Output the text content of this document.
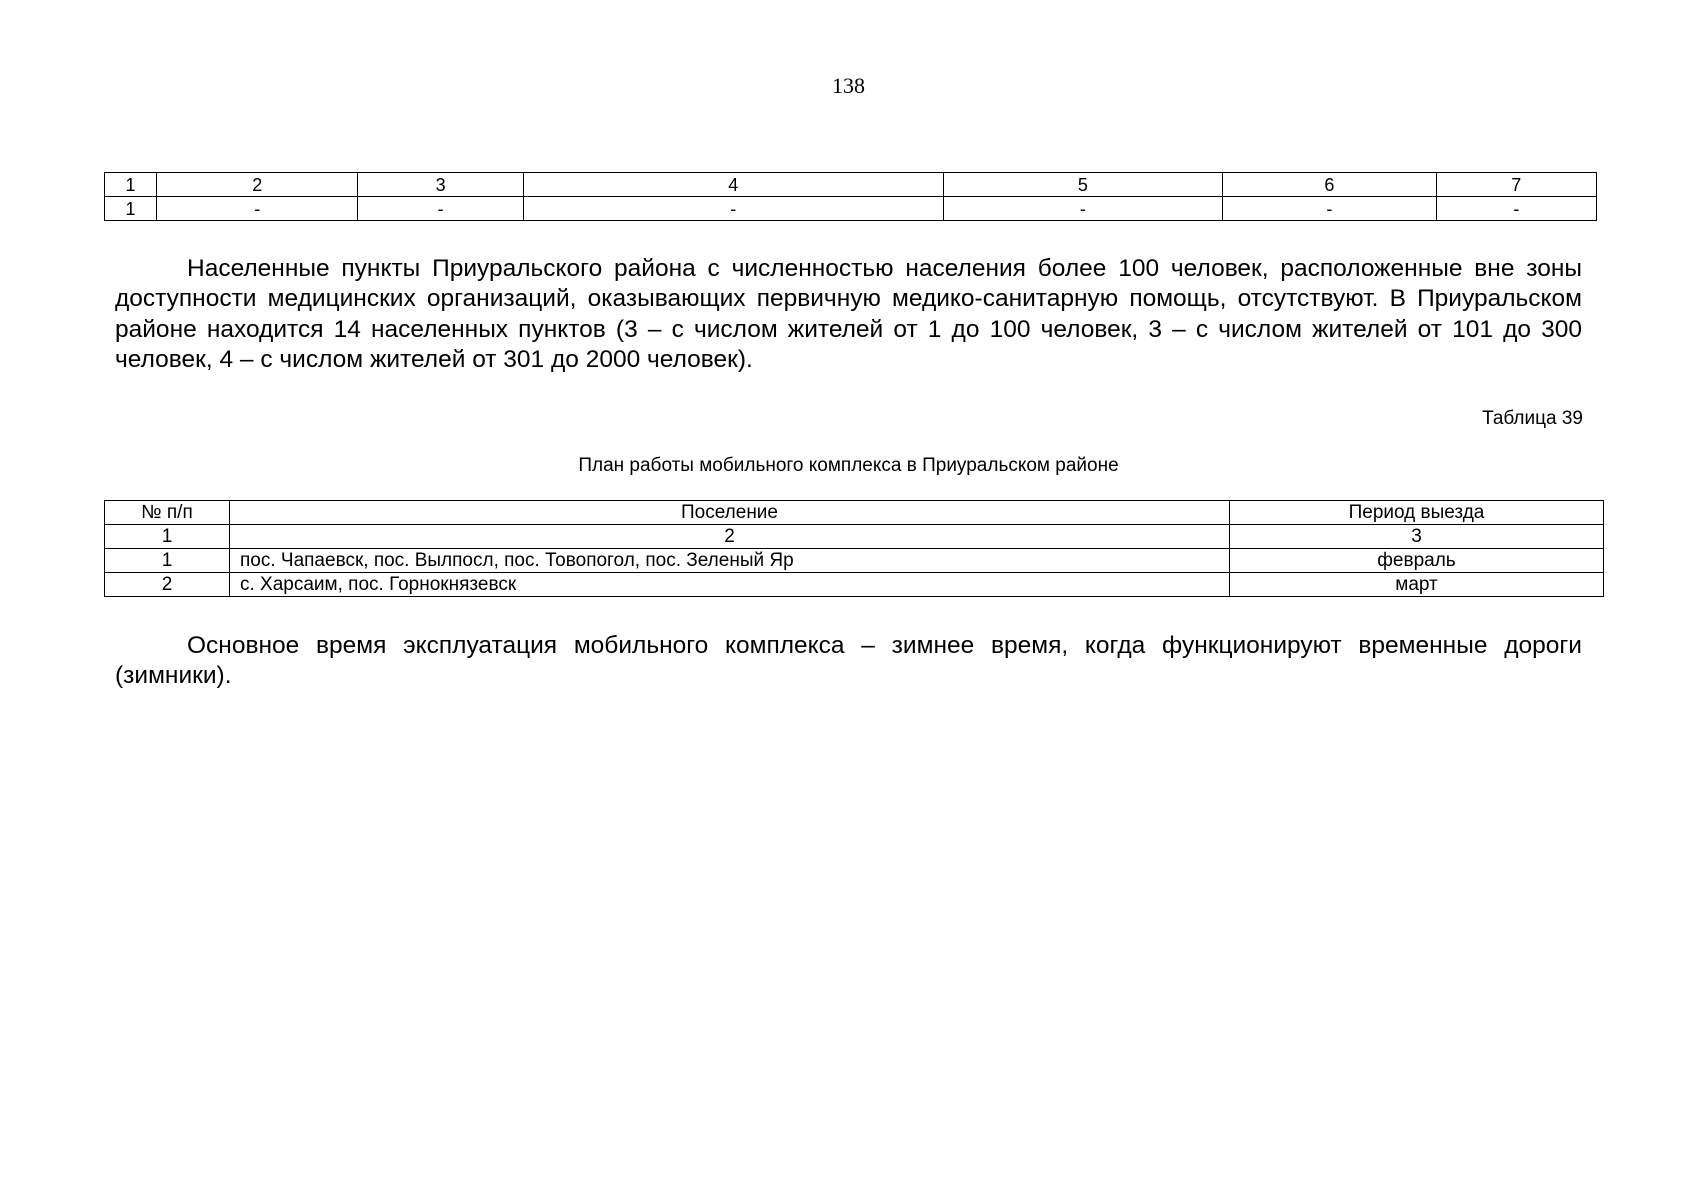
138
1	2	3	4	5	6	7
1	-	-	-	-	-	-

Населенные пункты Приуральского района с численностью населения более 100 человек, расположенные вне зоны доступности медицинских организаций, оказывающих первичную медико-санитарную помощь, отсутствуют. В Приуральском районе находится 14 населенных пунктов (3 – с числом жителей от 1 до 100 человек, 3 – с числом жителей от 101 до 300 человек, 4 – с числом жителей от 301 до 2000 человек).

Таблица 39
План работы мобильного комплекса в Приуральском районе
№ п/п	Поселение	Период выезда
1	2	3
1	пос. Чапаевск, пос. Вылпосл, пос. Товопогол, пос. Зеленый Яр	февраль
2	с. Харсаим, пос. Горнокнязевск	март

Основное время эксплуатация мобильного комплекса – зимнее время, когда функционируют временные дороги (зимники).
